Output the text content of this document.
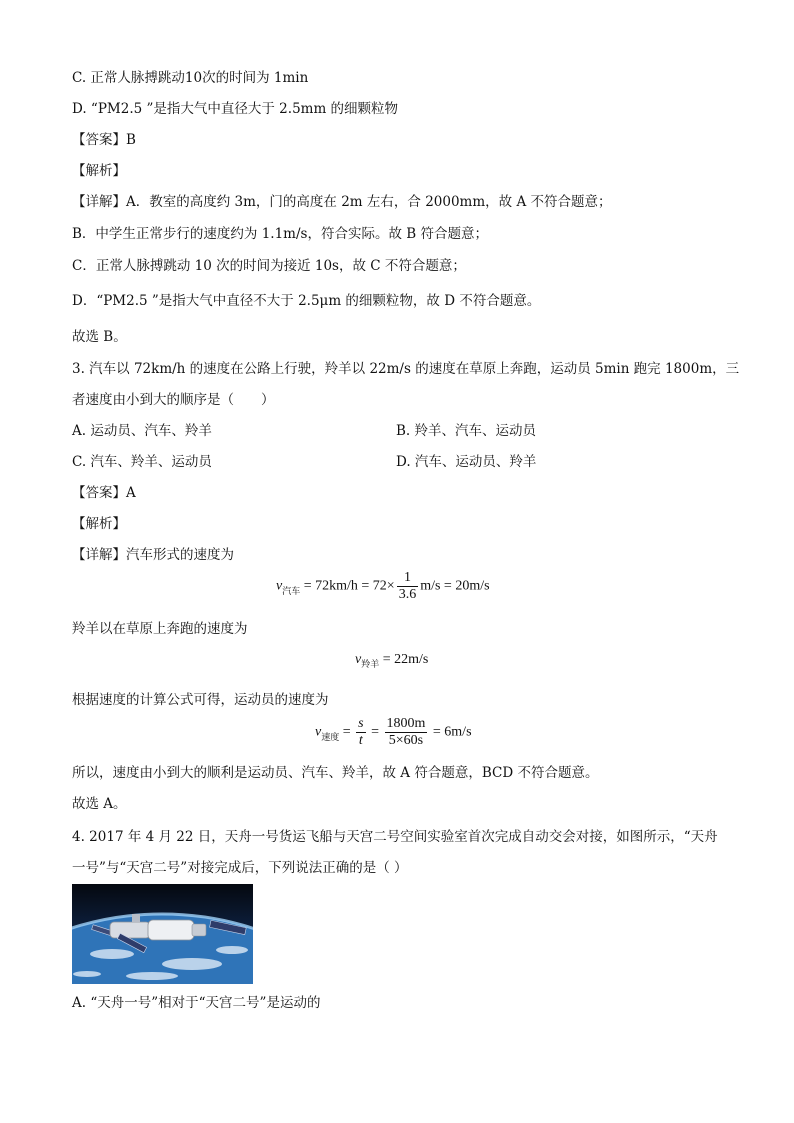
C. 正常人脉搏跳动10次的时间为 1min
D. “PM2.5 ”是指大气中直径大于 2.5mm 的细颗粒物
【答案】B
【解析】
【详解】A．教室的高度约 3m，门的高度在 2m 左右，合 2000mm，故 A 不符合题意；
B．中学生正常步行的速度约为 1.1m/s，符合实际。故 B 符合题意；
C．正常人脉搏跳动 10 次的时间为接近 10s，故 C 不符合题意；
D．“PM2.5 ”是指大气中直径不大于 2.5μm 的细颗粒物，故 D 不符合题意。
故选 B。
3. 汽车以 72km/h 的速度在公路上行驶，羚羊以 22m/s 的速度在草原上奔跑，运动员 5min 跑完 1800m，三
者速度由小到大的顺序是（　　）
A. 运动员、汽车、羚羊	B. 羚羊、汽车、运动员
C. 汽车、羚羊、运动员	D. 汽车、运动员、羚羊
【答案】A
【解析】
【详解】汽车形式的速度为
$v_{汽车} = 72km/h = 72\times \frac{1}{3.6} m/s = 20m/s$
羚羊以在草原上奔跑的速度为
$v_{羚羊} = 22m/s$
根据速度的计算公式可得，运动员的速度为
$v_{速度} = \frac{s}{t} = \frac{1800m}{5\times 60s} = 6m/s$
所以，速度由小到大的顺利是运动员、汽车、羚羊，故 A 符合题意，BCD 不符合题意。
故选 A。
4. 2017 年 4 月 22 日，天舟一号货运飞船与天宫二号空间实验室首次完成自动交会对接，如图所示，“天舟
一号”与“天宫二号”对接完成后，下列说法正确的是（ ）
A. “天舟一号”相对于“天宫二号”是运动的
